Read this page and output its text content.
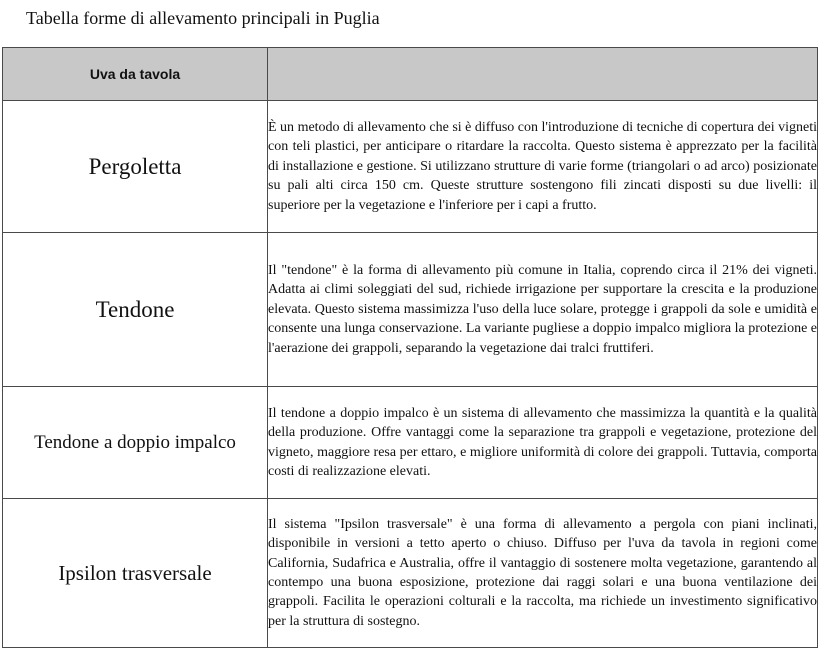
Tabella forme di allevamento principali in Puglia
Uva da tavola	

Pergoletta	È un metodo di allevamento che si è diffuso con l'introduzione di tecniche di copertura dei vigneti con teli plastici, per anticipare o ritardare la raccolta. Questo sistema è apprezzato per la facilità di installazione e gestione. Si utilizzano strutture di varie forme (triangolari o ad arco) posizionate su pali alti circa 150 cm. Queste strutture sostengono fili zincati disposti su due livelli: il superiore per la vegetazione e l'inferiore per i capi a frutto.
Tendone	Il "tendone" è la forma di allevamento più comune in Italia, coprendo circa il 21% dei vigneti. Adatta ai climi soleggiati del sud, richiede irrigazione per supportare la crescita e la produzione elevata. Questo sistema massimizza l'uso della luce solare, protegge i grappoli da sole e umidità e consente una lunga conservazione. La variante pugliese a doppio impalco migliora la protezione e l'aerazione dei grappoli, separando la vegetazione dai tralci fruttiferi.
Tendone a doppio impalco	Il tendone a doppio impalco è un sistema di allevamento che massimizza la quantità e la qualità della produzione. Offre vantaggi come la separazione tra grappoli e vegetazione, protezione del vigneto, maggiore resa per ettaro, e migliore uniformità di colore dei grappoli. Tuttavia, comporta costi di realizzazione elevati.
Ipsilon trasversale	Il sistema "Ipsilon trasversale" è una forma di allevamento a pergola con piani inclinati, disponibile in versioni a tetto aperto o chiuso. Diffuso per l'uva da tavola in regioni come California, Sudafrica e Australia, offre il vantaggio di sostenere molta vegetazione, garantendo al contempo una buona esposizione, protezione dai raggi solari e una buona ventilazione dei grappoli. Facilita le operazioni colturali e la raccolta, ma richiede un investimento significativo per la struttura di sostegno.
